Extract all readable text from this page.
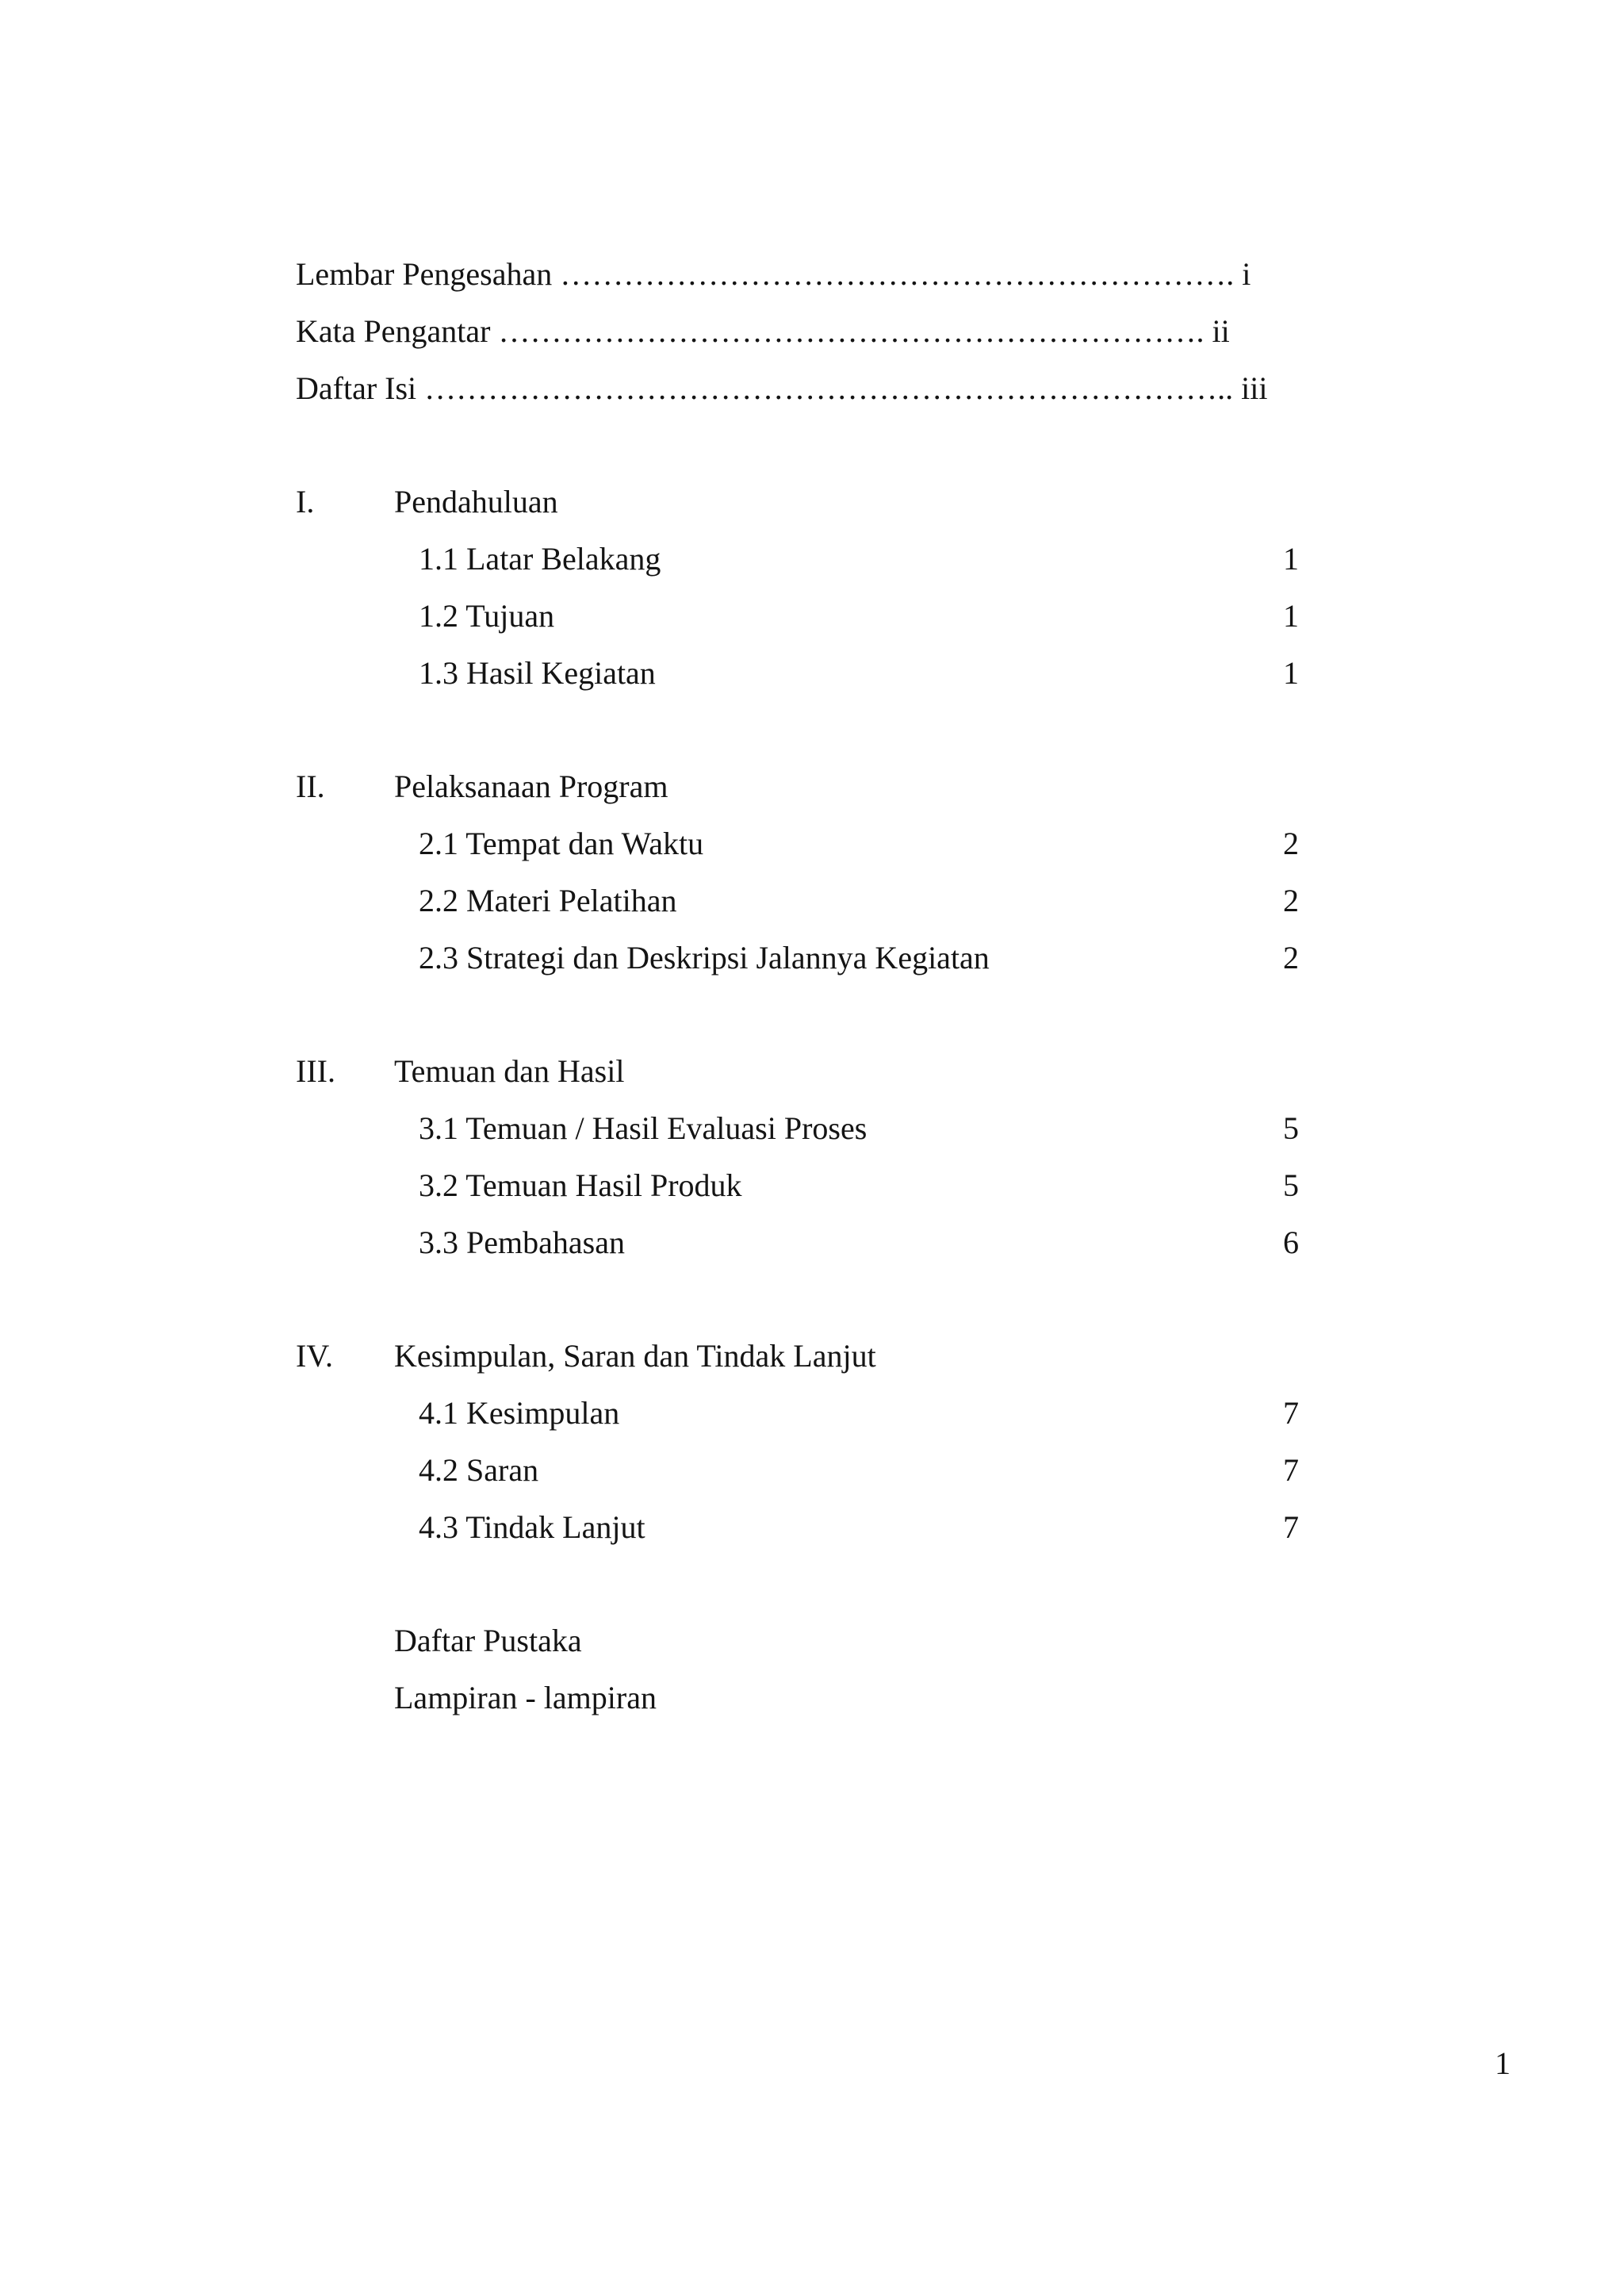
Lembar Pengesahan ………………………………………………………. i
Kata Pengantar …………………………………………………………. ii
Daftar Isi ………………………………………………………………….. iii
I.	Pendahuluan
1.1 Latar Belakang	1
1.2 Tujuan	1
1.3 Hasil Kegiatan	1
II. Pelaksanaan Program
2.1 Tempat dan Waktu	2
2.2 Materi Pelatihan	2
2.3 Strategi dan Deskripsi Jalannya Kegiatan	2
III. Temuan dan Hasil
3.1 Temuan / Hasil Evaluasi Proses	5
3.2 Temuan Hasil Produk	5
3.3 Pembahasan	6
IV. Kesimpulan, Saran dan Tindak Lanjut
4.1 Kesimpulan	7
4.2 Saran	7
4.3 Tindak Lanjut	7
Daftar Pustaka
Lampiran - lampiran
1
